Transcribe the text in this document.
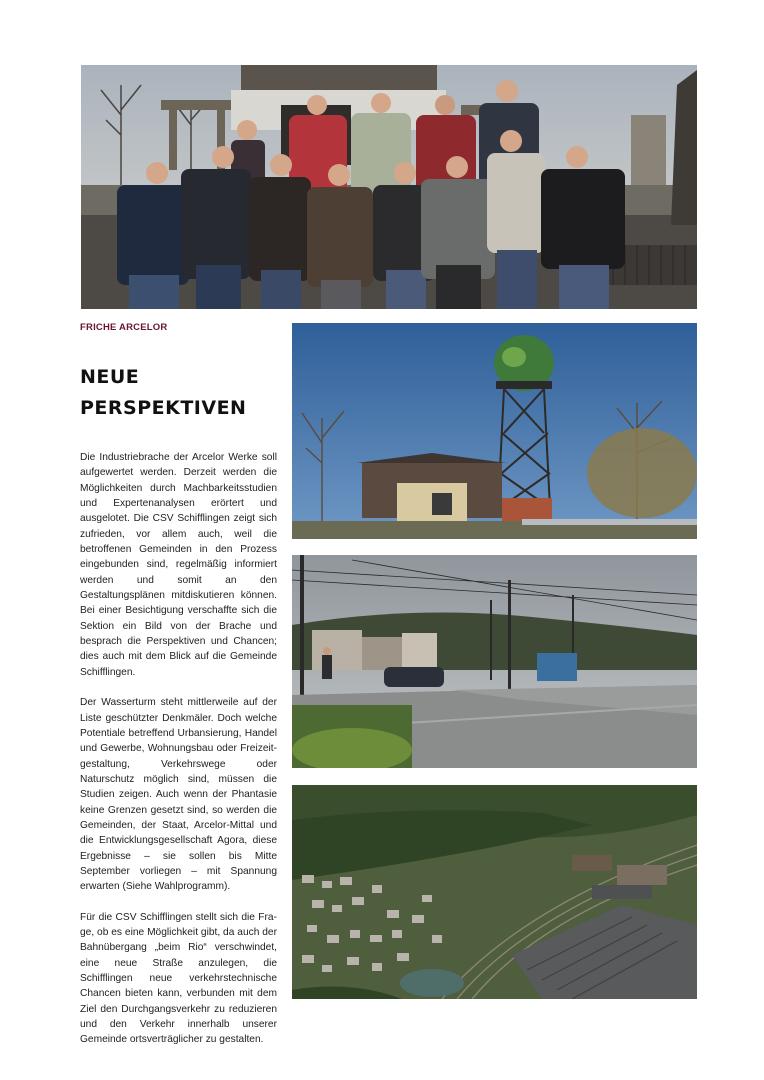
FRICHE ARCELOR
NEUE
PERSPEKTIVEN

Die Industriebrache der Arcelor Werke soll aufgewertet werden. Derzeit werden die Möglichkeiten durch Machbarkeitsstudien und Expertenanalysen erörtert und ausgelotet. Die CSV Schifflingen zeigt sich zufrieden, vor allem auch, weil die betroffenen Gemeinden in den Prozess eingebunden sind, regelmäßig informiert werden und somit an den Gestaltungsplänen mitdiskutieren können. Bei einer Besichtigung verschaffte sich die Sektion ein Bild von der Brache und besprach die Perspektiven und Chancen; dies auch mit dem Blick auf die Gemeinde Schifflingen.

Der Wasserturm steht mittlerweile auf der Liste geschützter Denkmäler. Doch welche Potentiale betreffend Urbansierung, Handel und Gewerbe, Wohnungsbau oder Freizeitgestaltung, Verkehrswege oder Naturschutz möglich sind, müssen die Studien zeigen. Auch wenn der Phantasie keine Grenzen gesetzt sind, so werden die Gemeinden, der Staat, Arcelor-Mittal und die Entwicklungsgesellschaft Agora, diese Ergebnisse – sie sollen bis Mitte September vorliegen – mit Spannung erwarten (Siehe Wahlprogramm).

Für die CSV Schifflingen stellt sich die Frage, ob es eine Möglichkeit gibt, da auch der Bahnübergang „beim Rio“ verschwindet, eine neue Straße anzulegen, die Schifflingen neue verkehrstechnische Chancen bieten kann, verbunden mit dem Ziel den Durchgangsverkehr zu reduzieren und den Verkehr innerhalb unserer Gemeinde ortsverträglicher zu gestalten.
